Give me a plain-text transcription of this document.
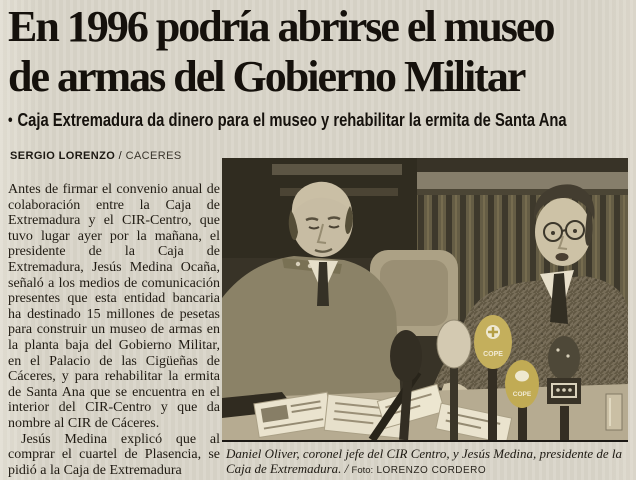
En 1996 podría abrirse el museo
de armas del Gobierno Militar
• Caja Extremadura da dinero para el museo y rehabilitar la ermita de Santa Ana
SERGIO LORENZO / CACERES

Antes de firmar el convenio anual de colaboración entre la Caja de Extremadura y el CIR-Centro, que tuvo lugar ayer por la mañana, el presidente de la Caja de Extremadura, Jesús Medina Ocaña, señaló a los medios de comunicación presentes que esta entidad bancaria ha destinado 15 millones de pesetas para construir un museo de armas en la planta baja del Gobierno Militar, en el Palacio de las Cigüeñas de Cáceres, y para rehabilitar la ermita de Santa Ana que se encuentra en el interior del CIR-Centro y que da nombre al CIR de Cáceres.

Jesús Medina explicó que al comprar el cuartel de Plasencia, se pidió a la Caja de Extremadura

COPE
COPE
Daniel Oliver, coronel jefe del CIR Centro, y Jesús Medina, presidente de la Caja de Extremadura. / Foto: LORENZO CORDERO
